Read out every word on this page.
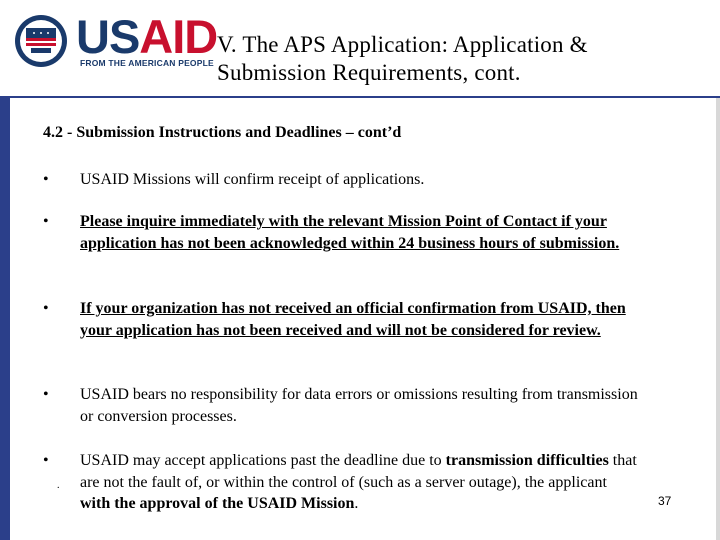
USAID
FROM THE AMERICAN PEOPLE
V. The APS Application: Application &
Submission Requirements, cont.
4.2 - Submission Instructions and Deadlines – cont’d
•	USAID Missions will confirm receipt of applications.
•	Please inquire immediately with the relevant Mission Point of Contact if your application has not been acknowledged within 24 business hours of submission.
•	If your organization has not received an official confirmation from USAID, then your application has not been received and will not be considered for review.
•	USAID bears no responsibility for data errors or omissions resulting from transmission or conversion processes.
•	USAID may accept applications past the deadline due to transmission difficulties that are not the fault of, or within the control of (such as a server outage), the applicant with the approval of the USAID Mission.
.
37
